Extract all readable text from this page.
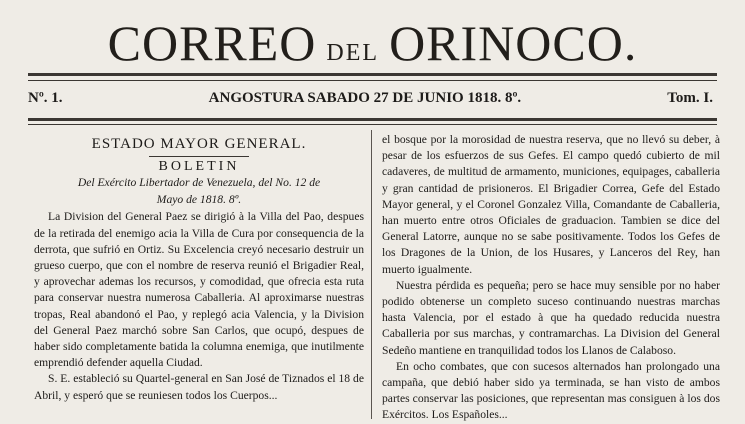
CORREO DEL ORINOCO.
Nº. 1.	ANGOSTURA SABADO 27 DE JUNIO 1818. 8º.	Tom. I.
ESTADO MAYOR GENERAL.
BOLETIN
Del Exército Libertador de Venezuela, del No. 12 de
Mayo de 1818. 8º.

La Division del General Paez se dirigió à la Villa del Pao, despues de la retirada del enemigo acia la Villa de Cura por consequencia de la derrota, que sufrió en Ortiz. Su Excelencia creyó necesario destruir un grueso cuerpo, que con el nombre de reserva reunió el Brigadier Real, y aprovechar ademas los recursos, y comodidad, que ofrecia esta ruta para conservar nuestra numerosa Caballeria. Al aproximarse nuestras tropas, Real abandonó el Pao, y replegó acia Valencia, y la Division del General Paez marchó sobre San Carlos, que ocupó, despues de haber sido completamente batida la columna enemiga, que inutilmente emprendió defender aquella Ciudad.

S. E. estableció su Quartel-general en San José de Tiznados el 18 de Abril, y esperó que se reuniesen todos los Cuerpos...

el bosque por la morosidad de nuestra reserva, que no llevó su deber, à pesar de los esfuerzos de sus Gefes. El campo quedó cubierto de mil cadaveres, de multitud de armamento, municiones, equipages, caballeria y gran cantidad de prisioneros. El Brigadier Correa, Gefe del Estado Mayor general, y el Coronel Gonzalez Villa, Comandante de Caballeria, han muerto entre otros Oficiales de graduacion. Tambien se dice del General Latorre, aunque no se sabe positivamente. Todos los Gefes de los Dragones de la Union, de los Husares, y Lanceros del Rey, han muerto igualmente.

Nuestra pérdida es pequeña; pero se hace muy sensible por no haber podido obtenerse un completo suceso continuando nuestras marchas hasta Valencia, por el estado à que ha quedado reducida nuestra Caballeria por sus marchas, y contramarchas. La Division del General Sedeño mantiene en tranquilidad todos los Llanos de Calaboso.

En ocho combates, que con sucesos alternados han prolongado una campaña, que debió haber sido ya terminada, se han visto de ambos partes conservar las posiciones, que representan mas consiguen à los dos Exércitos. Los Españoles...
